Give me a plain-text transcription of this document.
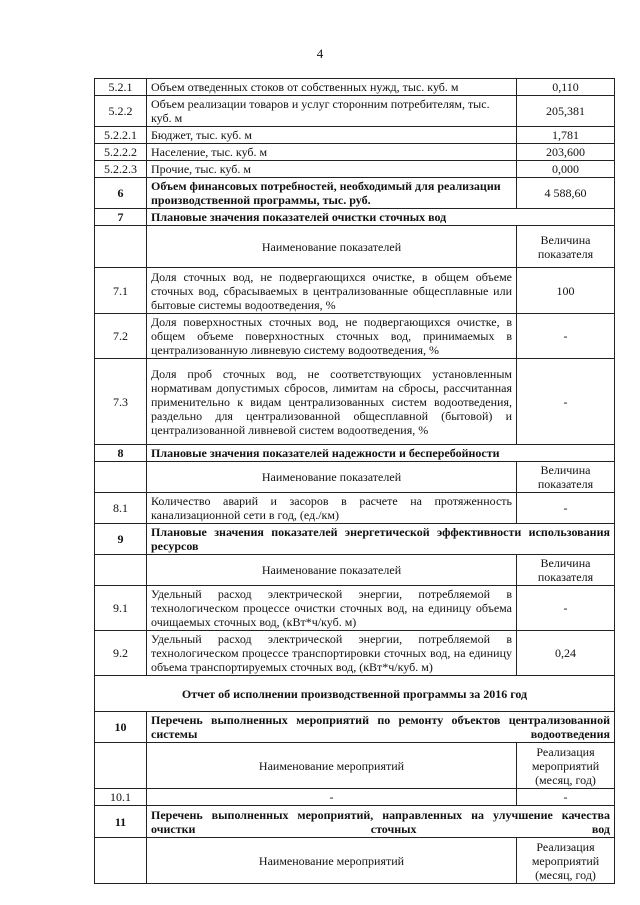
4
5.2.1	Объем отведенных стоков от собственных нужд, тыс. куб. м	0,110
5.2.2	Объем реализации товаров и услуг сторонним потребителям, тыс. куб. м	205,381
5.2.2.1	Бюджет, тыс. куб. м	1,781
5.2.2.2	Население, тыс. куб. м	203,600
5.2.2.3	Прочие, тыс. куб. м	0,000
6	Объем финансовых потребностей, необходимый для реализации производственной программы, тыс. руб.	4 588,60
7	Плановые значения показателей очистки сточных вод	
	Наименование показателей	Величина показателя
7.1	Доля сточных вод, не подвергающихся очистке, в общем объеме сточных вод, сбрасываемых в централизованные общесплавные или бытовые системы водоотведения, %	100
7.2	Доля поверхностных сточных вод, не подвергающихся очистке, в общем объеме поверхностных сточных вод, принимаемых в централизованную ливневую систему водоотведения, %	-
7.3	Доля проб сточных вод, не соответствующих установленным нормативам допустимых сбросов, лимитам на сбросы, рассчитанная применительно к видам централизованных систем водоотведения, раздельно для централизованной общесплавной (бытовой) и централизованной ливневой систем водоотведения, %	-
8	Плановые значения показателей надежности и бесперебойности	
	Наименование показателей	Величина показателя
8.1	Количество аварий и засоров в расчете на протяженность канализационной сети в год, (ед./км)	-
9	Плановые значения показателей энергетической эффективности использования ресурсов	
	Наименование показателей	Величина показателя
9.1	Удельный расход электрической энергии, потребляемой в технологическом процессе очистки сточных вод, на единицу объема очищаемых сточных вод, (кВт*ч/куб. м)	-
9.2	Удельный расход электрической энергии, потребляемой в технологическом процессе транспортировки сточных вод, на единицу объема транспортируемых сточных вод, (кВт*ч/куб. м)	0,24
Отчет об исполнении производственной программы за 2016 год		
10	Перечень выполненных мероприятий по ремонту объектов централизованной системы водоотведения	
	Наименование мероприятий	Реализация мероприятий (месяц, год)
10.1	-	-
11	Перечень выполненных мероприятий, направленных на улучшение качества очистки сточных вод	
	Наименование мероприятий	Реализация мероприятий (месяц, год)
